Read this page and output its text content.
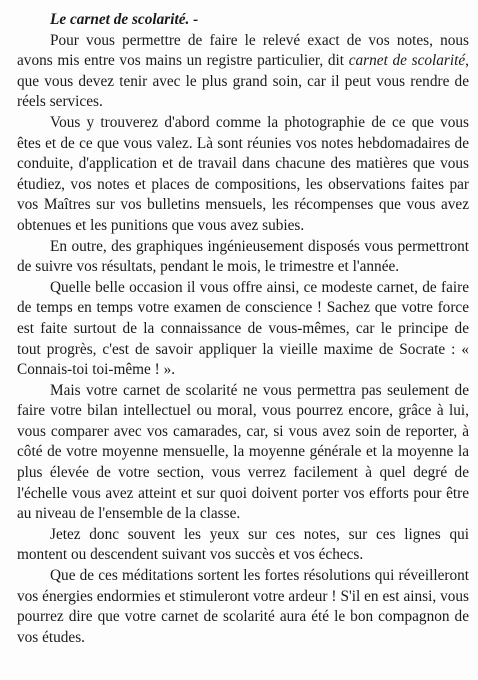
Le carnet de scolarité. -

Pour vous permettre de faire le relevé exact de vos notes, nous avons mis entre vos mains un registre particulier, dit carnet de scolarité, que vous devez tenir avec le plus grand soin, car il peut vous rendre de réels services.

Vous y trouverez d'abord comme la photographie de ce que vous êtes et de ce que vous valez. Là sont réunies vos notes hebdomadaires de conduite, d'application et de travail dans chacune des matières que vous étudiez, vos notes et places de compositions, les observations faites par vos Maîtres sur vos bulletins mensuels, les récompenses que vous avez obtenues et les punitions que vous avez subies.

En outre, des graphiques ingénieusement disposés vous permettront de suivre vos résultats, pendant le mois, le trimestre et l'année.

Quelle belle occasion il vous offre ainsi, ce modeste carnet, de faire de temps en temps votre examen de conscience ! Sachez que votre force est faite surtout de la connaissance de vous-mêmes, car le principe de tout progrès, c'est de savoir appliquer la vieille maxime de Socrate : « Connais-toi toi-même ! ».

Mais votre carnet de scolarité ne vous permettra pas seulement de faire votre bilan intellectuel ou moral, vous pourrez encore, grâce à lui, vous comparer avec vos camarades, car, si vous avez soin de reporter, à côté de votre moyenne mensuelle, la moyenne générale et la moyenne la plus élevée de votre section, vous verrez facilement à quel degré de l'échelle vous avez atteint et sur quoi doivent porter vos efforts pour être au niveau de l'ensemble de la classe.

Jetez donc souvent les yeux sur ces notes, sur ces lignes qui montent ou descendent suivant vos succès et vos échecs.

Que de ces méditations sortent les fortes résolutions qui réveilleront vos énergies endormies et stimuleront votre ardeur ! S'il en est ainsi, vous pourrez dire que votre carnet de scolarité aura été le bon compagnon de vos études.
